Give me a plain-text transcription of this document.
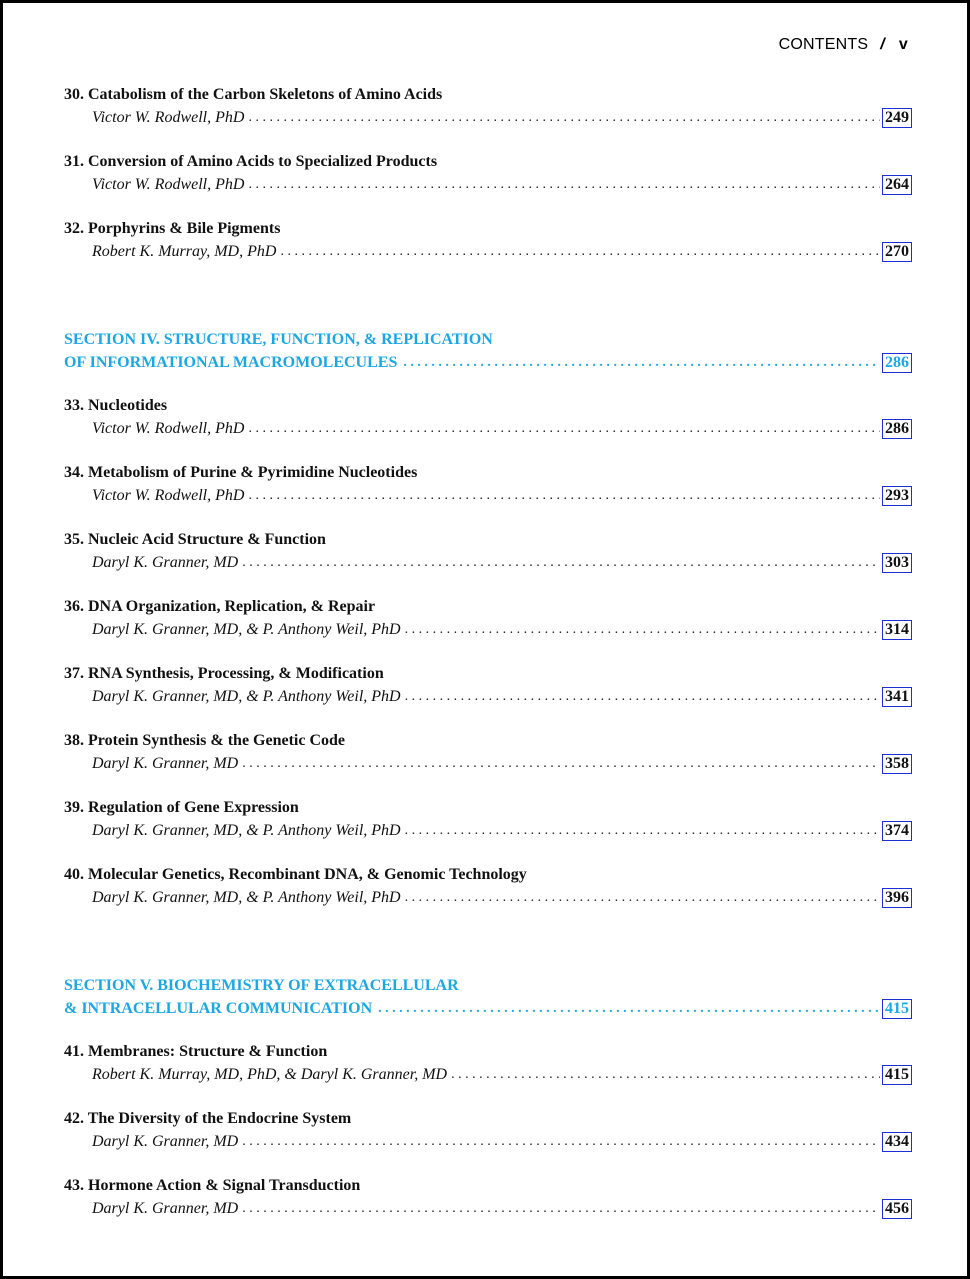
CONTENTS / v
30. Catabolism of the Carbon Skeletons of Amino Acids
Victor W. Rodwell, PhD . . .	249
31. Conversion of Amino Acids to Specialized Products
Victor W. Rodwell, PhD . . .	264
32. Porphyrins & Bile Pigments
Robert K. Murray, MD, PhD . . .	270
SECTION IV. STRUCTURE, FUNCTION, & REPLICATION
OF INFORMATIONAL MACROMOLECULES . . .	286
33. Nucleotides
Victor W. Rodwell, PhD . . .	286
34. Metabolism of Purine & Pyrimidine Nucleotides
Victor W. Rodwell, PhD . . .	293
35. Nucleic Acid Structure & Function
Daryl K. Granner, MD . . .	303
36. DNA Organization, Replication, & Repair
Daryl K. Granner, MD, & P. Anthony Weil, PhD . . .	314
37. RNA Synthesis, Processing, & Modification
Daryl K. Granner, MD, & P. Anthony Weil, PhD . . .	341
38. Protein Synthesis & the Genetic Code
Daryl K. Granner, MD . . .	358
39. Regulation of Gene Expression
Daryl K. Granner, MD, & P. Anthony Weil, PhD . . .	374
40. Molecular Genetics, Recombinant DNA, & Genomic Technology
Daryl K. Granner, MD, & P. Anthony Weil, PhD . . .	396
SECTION V. BIOCHEMISTRY OF EXTRACELLULAR
& INTRACELLULAR COMMUNICATION . . .	415
41. Membranes: Structure & Function
Robert K. Murray, MD, PhD, & Daryl K. Granner, MD . . .	415
42. The Diversity of the Endocrine System
Daryl K. Granner, MD . . .	434
43. Hormone Action & Signal Transduction
Daryl K. Granner, MD . . .	456
